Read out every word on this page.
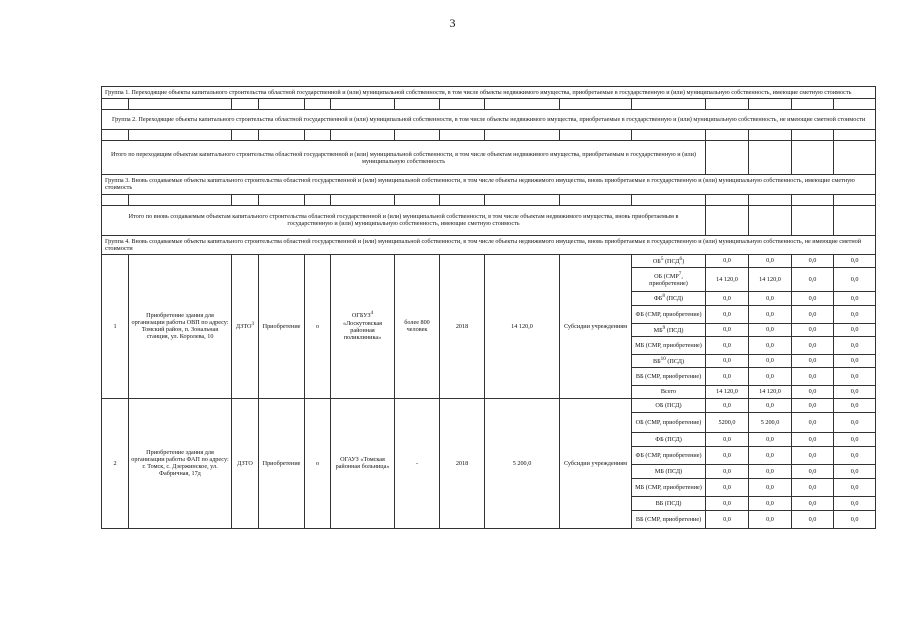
3
Группа 1. Переходящие объекты капитального строительства областной государственной и (или) муниципальной собственности, в том числе объекты недвижимого имущества, приобретаемые в государственную и (или) муниципальную собственность, имеющие сметную стоимость														

Группа 2. Переходящие объекты капитального строительства областной государственной и (или) муниципальной собственности, в том числе объекты недвижимого имущества, приобретаемые в государственную и (или) муниципальную собственность, не имеющие сметной стоимости														

Итого по переходящим объектам капитального строительства областной государственной и (или) муниципальной собственности, в том числе объектам недвижимого имущества, приобретаемым в государственную и (или) муниципальную собственность														
Группа 3. Вновь создаваемые объекты капитального строительства областной государственной и (или) муниципальной собственности, в том числе объекты недвижимого имущества, вновь приобретаемые в государственную и (или) муниципальную собственность, имеющие сметную стоимость														

Итого по вновь создаваемым объектам капитального строительства областной государственной и (или) муниципальной собственности, в том числе объектам недвижимого имущества, вновь приобретаемым в государственную и (или) муниципальную собственность, имеющие сметную стоимость														
Группа 4. Вновь создаваемые объекты капитального строительства областной государственной и (или) муниципальной собственности, в том числе объекты недвижимого имущества, вновь приобретаемые в государственную и (или) муниципальную собственность, не имеющие сметной стоимости														
1	Приобретение здания для организации работы ОВП по адресу: Томский район, п. Зональная станция, ул. Королева, 10	ДЗТО$^3$	Приобретение	о	ОГБУЗ$^4$ «Лоскутовская районная поликлиника»	более 800 человек	2018	14 120,0	Субсидии учреждениям	$ОБ^5$ (ПСД$^6$)	0,0	0,0	0,0	0,0
										ОБ (СМР$^7$, приобретение)	14 120,0	14 120,0	0,0	0,0
										$ФБ^8$ (ПСД)	0,0	0,0	0,0	0,0
										ФБ (СМР, приобретение)	0,0	0,0	0,0	0,0
										$МБ^9$ (ПСД)	0,0	0,0	0,0	0,0
										МБ (СМР, приобретение)	0,0	0,0	0,0	0,0
										ВБ$^{10}$ (ПСД)	0,0	0,0	0,0	0,0
										ВБ (СМР, приобретение)	0,0	0,0	0,0	0,0
										Всего	14 120,0	14 120,0	0,0	0,0
2	Приобретение здания для организации работы ФАП по адресу: г. Томск, с. Дзержинское, ул. Фабричная, 17д	ДЗТО	Приобретение	о	ОГАУЗ «Томская районная больница»	-	2018	5 200,0	Субсидии учреждениям	ОБ (ПСД)	0,0	0,0	0,0	0,0
										ОБ (СМР, приобретение)	5200,0	5 200,0	0,0	0,0
										ФБ (ПСД)	0,0	0,0	0,0	0,0
										ФБ (СМР, приобретение)	0,0	0,0	0,0	0,0
										МБ (ПСД)	0,0	0,0	0,0	0,0
										МБ (СМР, приобретение)	0,0	0,0	0,0	0,0
										ВБ (ПСД)	0,0	0,0	0,0	0,0
										ВБ (СМР, приобретение)	0,0	0,0	0,0	0,0
